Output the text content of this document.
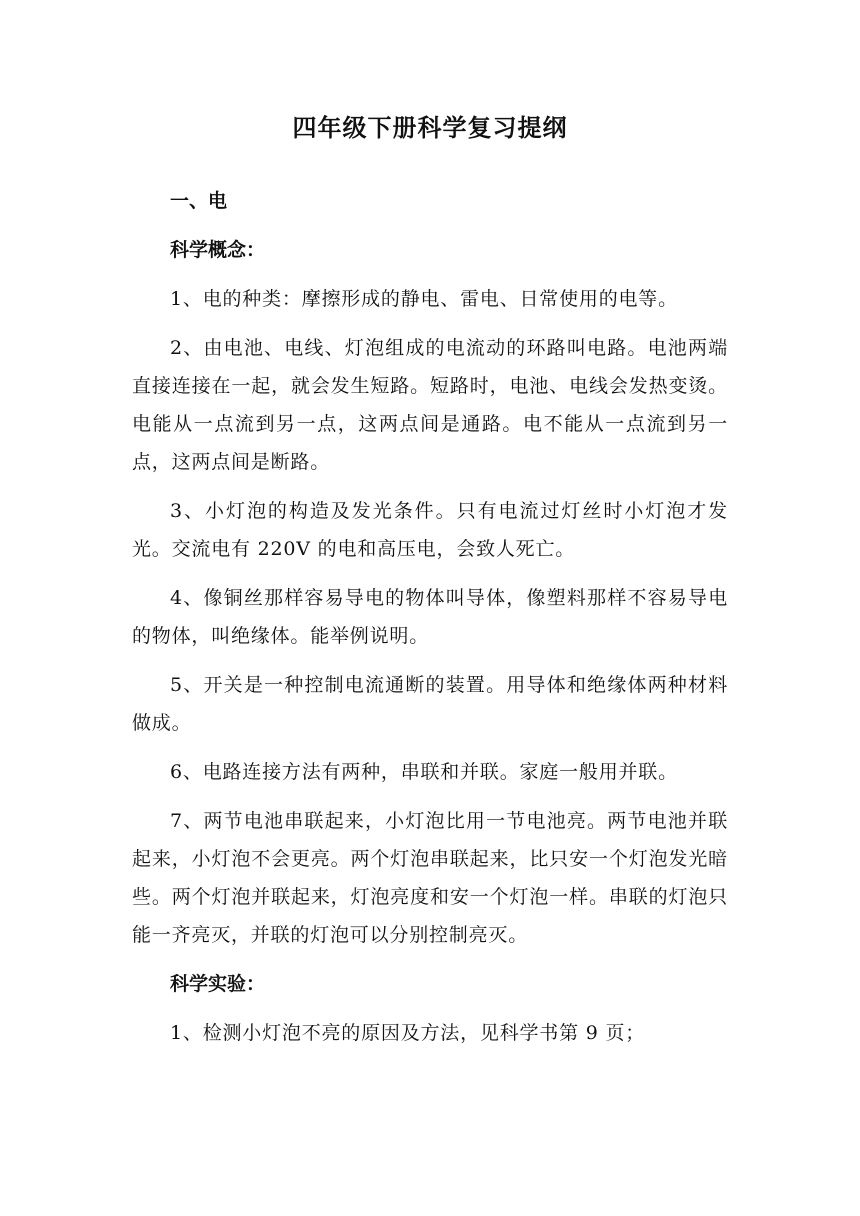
四年级下册科学复习提纲
一、电
科学概念：
1、电的种类：摩擦形成的静电、雷电、日常使用的电等。
2、由电池、电线、灯泡组成的电流动的环路叫电路。电池两端直接连接在一起，就会发生短路。短路时，电池、电线会发热变烫。电能从一点流到另一点，这两点间是通路。电不能从一点流到另一点，这两点间是断路。
3、小灯泡的构造及发光条件。只有电流过灯丝时小灯泡才发光。交流电有 220V 的电和高压电，会致人死亡。
4、像铜丝那样容易导电的物体叫导体，像塑料那样不容易导电的物体，叫绝缘体。能举例说明。
5、开关是一种控制电流通断的装置。用导体和绝缘体两种材料做成。
6、电路连接方法有两种，串联和并联。家庭一般用并联。
7、两节电池串联起来，小灯泡比用一节电池亮。两节电池并联起来，小灯泡不会更亮。两个灯泡串联起来，比只安一个灯泡发光暗些。两个灯泡并联起来，灯泡亮度和安一个灯泡一样。串联的灯泡只能一齐亮灭，并联的灯泡可以分别控制亮灭。
科学实验：
1、检测小灯泡不亮的原因及方法，见科学书第 9 页；
